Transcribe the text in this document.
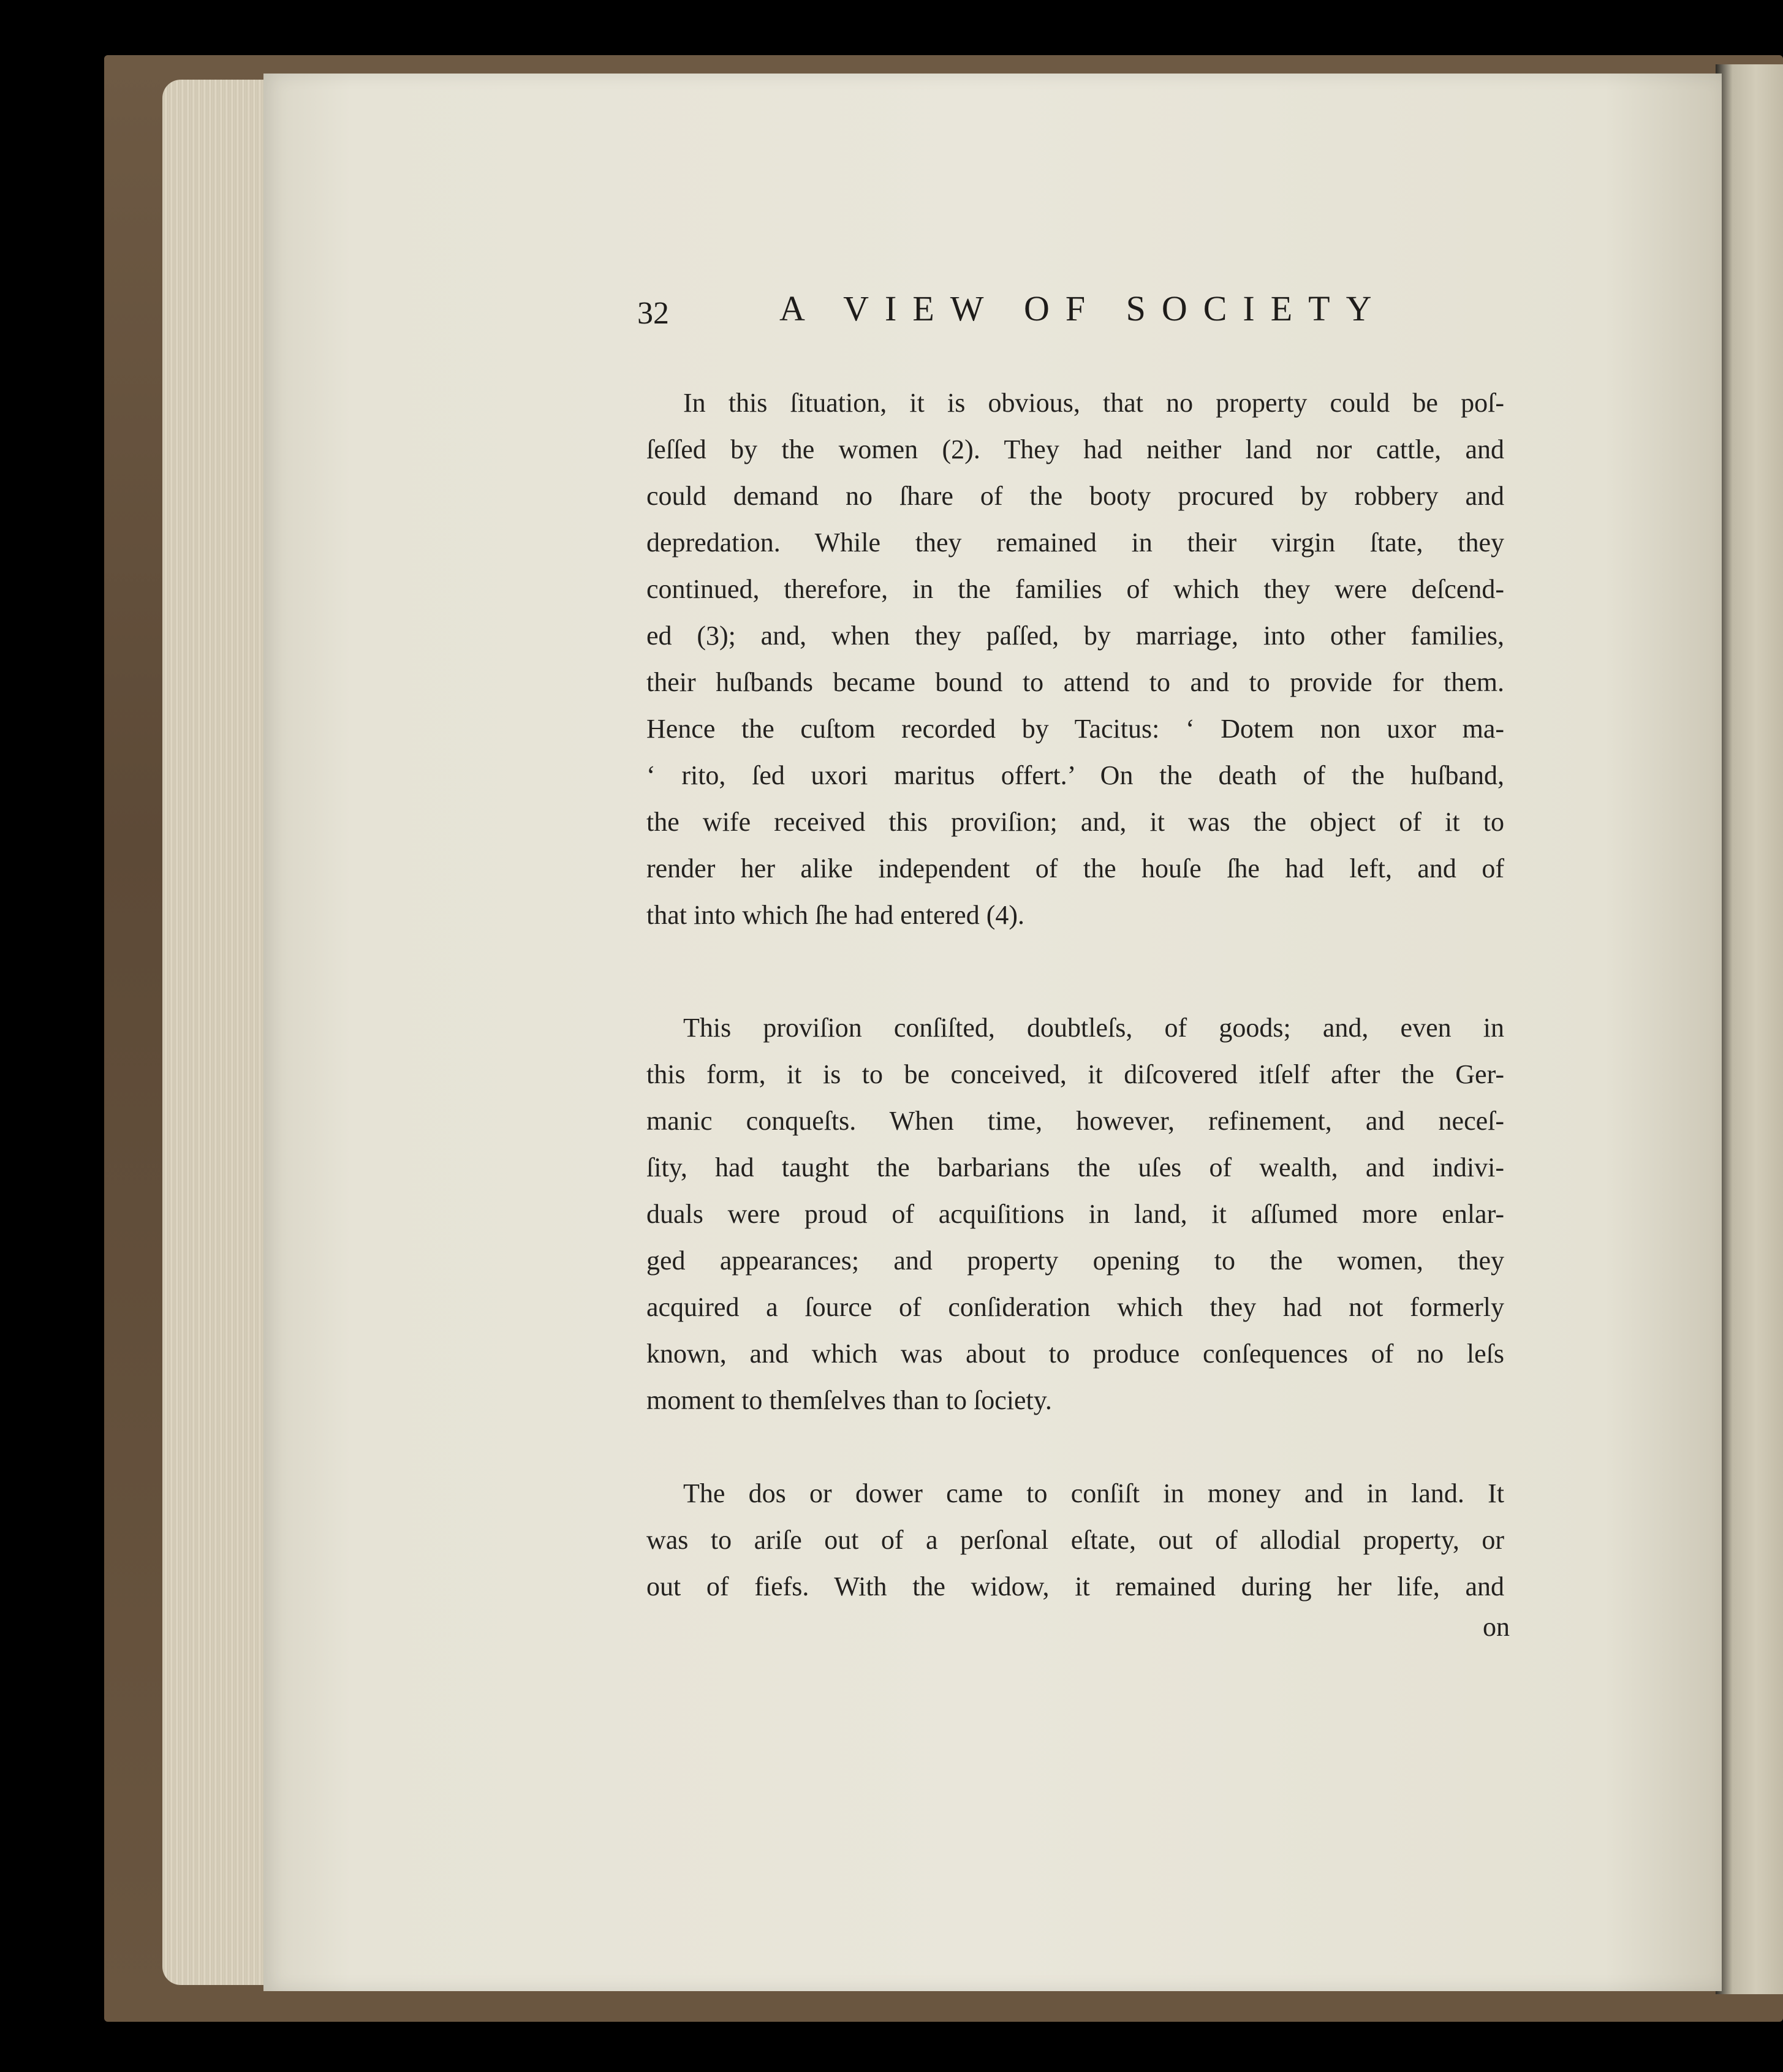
32	A VIEW OF SOCIETY

In this ſituation, it is obvious, that no property could be poſ-
ſeſſed by the women (2). They had neither land nor cattle, and
could demand no ſhare of the booty procured by robbery and
depredation. While they remained in their virgin ſtate, they
continued, therefore, in the families of which they were deſcend-
ed (3); and, when they paſſed, by marriage, into other families,
their huſbands became bound to attend to and to provide for them.
Hence the cuſtom recorded by Tacitus: ‘ Dotem non uxor ma-
‘ rito, ſed uxori maritus offert.’ On the death of the huſband,
the wife received this proviſion; and, it was the object of it to
render her alike independent of the houſe ſhe had left, and of
that into which ſhe had entered (4).

This proviſion conſiſted, doubtleſs, of goods; and, even in
this form, it is to be conceived, it diſcovered itſelf after the Ger-
manic conqueſts. When time, however, refinement, and neceſ-
ſity, had taught the barbarians the uſes of wealth, and indivi-
duals were proud of acquiſitions in land, it aſſumed more enlar-
ged appearances; and property opening to the women, they
acquired a ſource of conſideration which they had not formerly
known, and which was about to produce conſequences of no leſs
moment to themſelves than to ſociety.

The dos or dower came to conſiſt in money and in land. It
was to ariſe out of a perſonal eſtate, out of allodial property, or
out of fiefs. With the widow, it remained during her life, and

on
